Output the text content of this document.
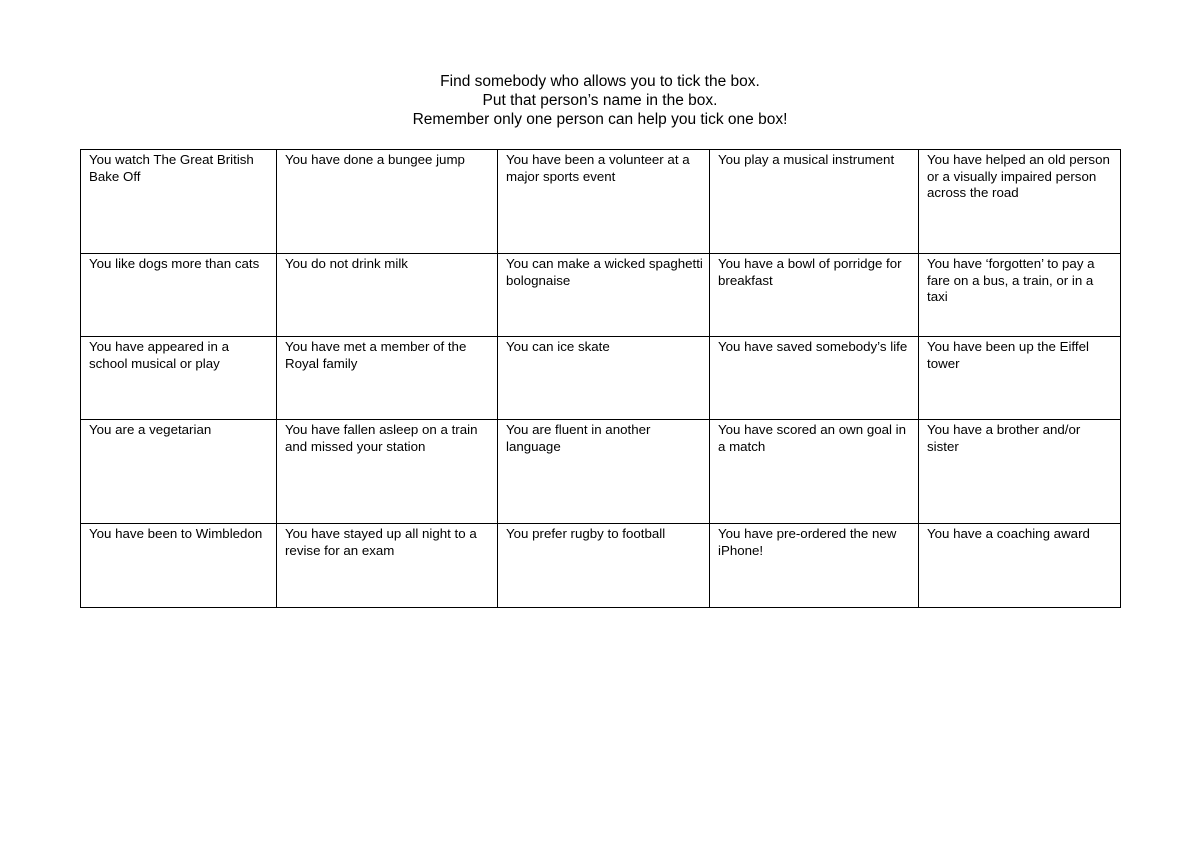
Find somebody who allows you to tick the box.
Put that person’s name in the box.
Remember only one person can help you tick one box!
You watch The Great British Bake Off	You have done a bungee jump	You have been a volunteer at a major sports event	You play a musical instrument	You have helped an old person or a visually impaired person across the road
You like dogs more than cats	You do not drink milk	You can make a wicked spaghetti bolognaise	You have a bowl of porridge for breakfast	You have ‘forgotten’ to pay a fare on a bus, a train, or in a taxi
You have appeared in a school musical or play	You have met a member of the Royal family	You can ice skate	You have saved somebody’s life	You have been up the Eiffel tower
You are a vegetarian	You have fallen asleep on a train and missed your station	You are fluent in another language	You have scored an own goal in a match	You have a brother and/or sister
You have been to Wimbledon	You have stayed up all night to a revise for an exam	You prefer rugby to football	You have pre-ordered the new iPhone!	You have a coaching award
